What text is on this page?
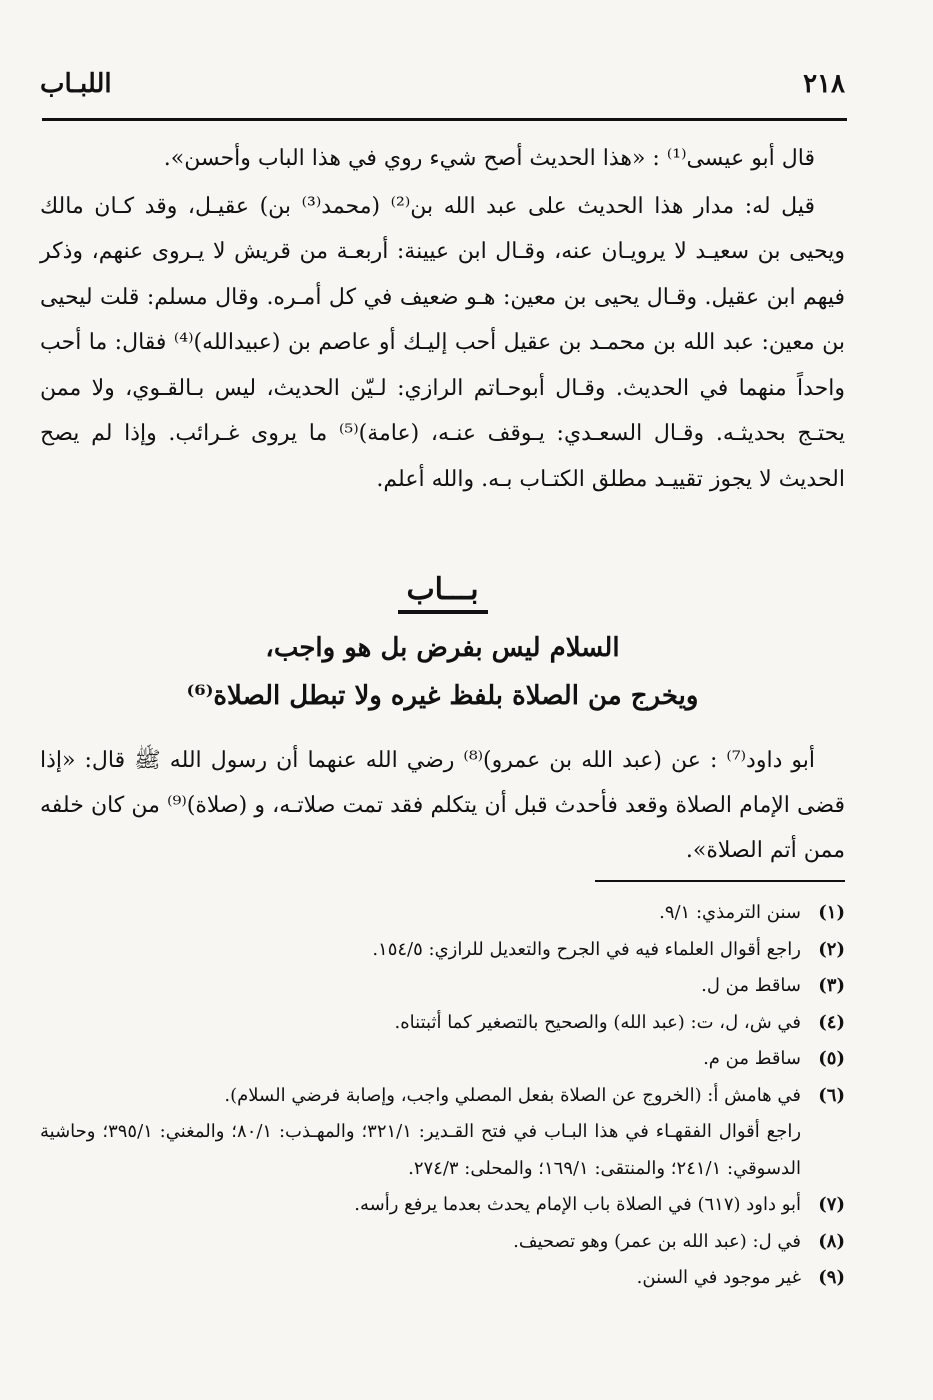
٢١٨
اللبـاب

قال أبو عيسى⁽¹⁾ : «هذا الحديث أصح شيء روي في هذا الباب وأحسن».

قيل له: مدار هذا الحديث على عبد الله بن⁽²⁾ (محمد⁽³⁾ بن) عقيـل، وقد كـان مالك ويحيى بن سعيـد لا يرويـان عنه، وقـال ابن عيينة: أربعـة من قريش لا يـروى عنهم، وذكر فيهم ابن عقيل. وقـال يحيى بن معين: هـو ضعيف في كل أمـره. وقال مسلم: قلت ليحيى بن معين: عبد الله بن محمـد بن عقيل أحب إليـك أو عاصم بن (عبيدالله)⁽⁴⁾ فقال: ما أحب واحداً منهما في الحديث. وقـال أبوحـاتم الرازي: لـيّن الحديث، ليس بـالقـوي، ولا ممن يحتـج بحديثـه. وقـال السعـدي: يـوقف عنـه، (عامة)⁽⁵⁾ ما يروى غـرائب. وإذا لم يصح الحديث لا يجوز تقييـد مطلق الكتـاب بـه. والله أعلم.

بـــاب
السلام ليس بفرض بل هو واجب،
ويخرج من الصلاة بلفظ غيره ولا تبطل الصلاة⁽⁶⁾

أبو داود⁽⁷⁾ : عن (عبد الله بن عمرو)⁽⁸⁾ رضي الله عنهما أن رسول الله ﷺ قال: «إذا قضى الإمام الصلاة وقعد فأحدث قبل أن يتكلم فقد تمت صلاتـه، و (صلاة)⁽⁹⁾ من كان خلفه ممن أتم الصلاة».

(١)
سنن الترمذي: ٩/١.
(٢)
راجع أقوال العلماء فيه في الجرح والتعديل للرازي: ١٥٤/٥.
(٣)
ساقط من ل.
(٤)
في ش، ل، ت: (عبد الله) والصحيح بالتصغير كما أثبتناه.
(٥)
ساقط من م.
(٦)
في هامش أ: (الخروج عن الصلاة بفعل المصلي واجب، وإصابة فرضي السلام).
راجع أقوال الفقهـاء في هذا البـاب في فتح القـدير: ٣٢١/١؛ والمهـذب: ٨٠/١؛ والمغني: ٣٩٥/١؛ وحاشية الدسوقي: ٢٤١/١؛ والمنتقى: ١٦٩/١؛ والمحلى: ٢٧٤/٣.
(٧)
أبو داود (٦١٧) في الصلاة باب الإمام يحدث بعدما يرفع رأسه.
(٨)
في ل: (عبد الله بن عمر) وهو تصحيف.
(٩)
غير موجود في السنن.
